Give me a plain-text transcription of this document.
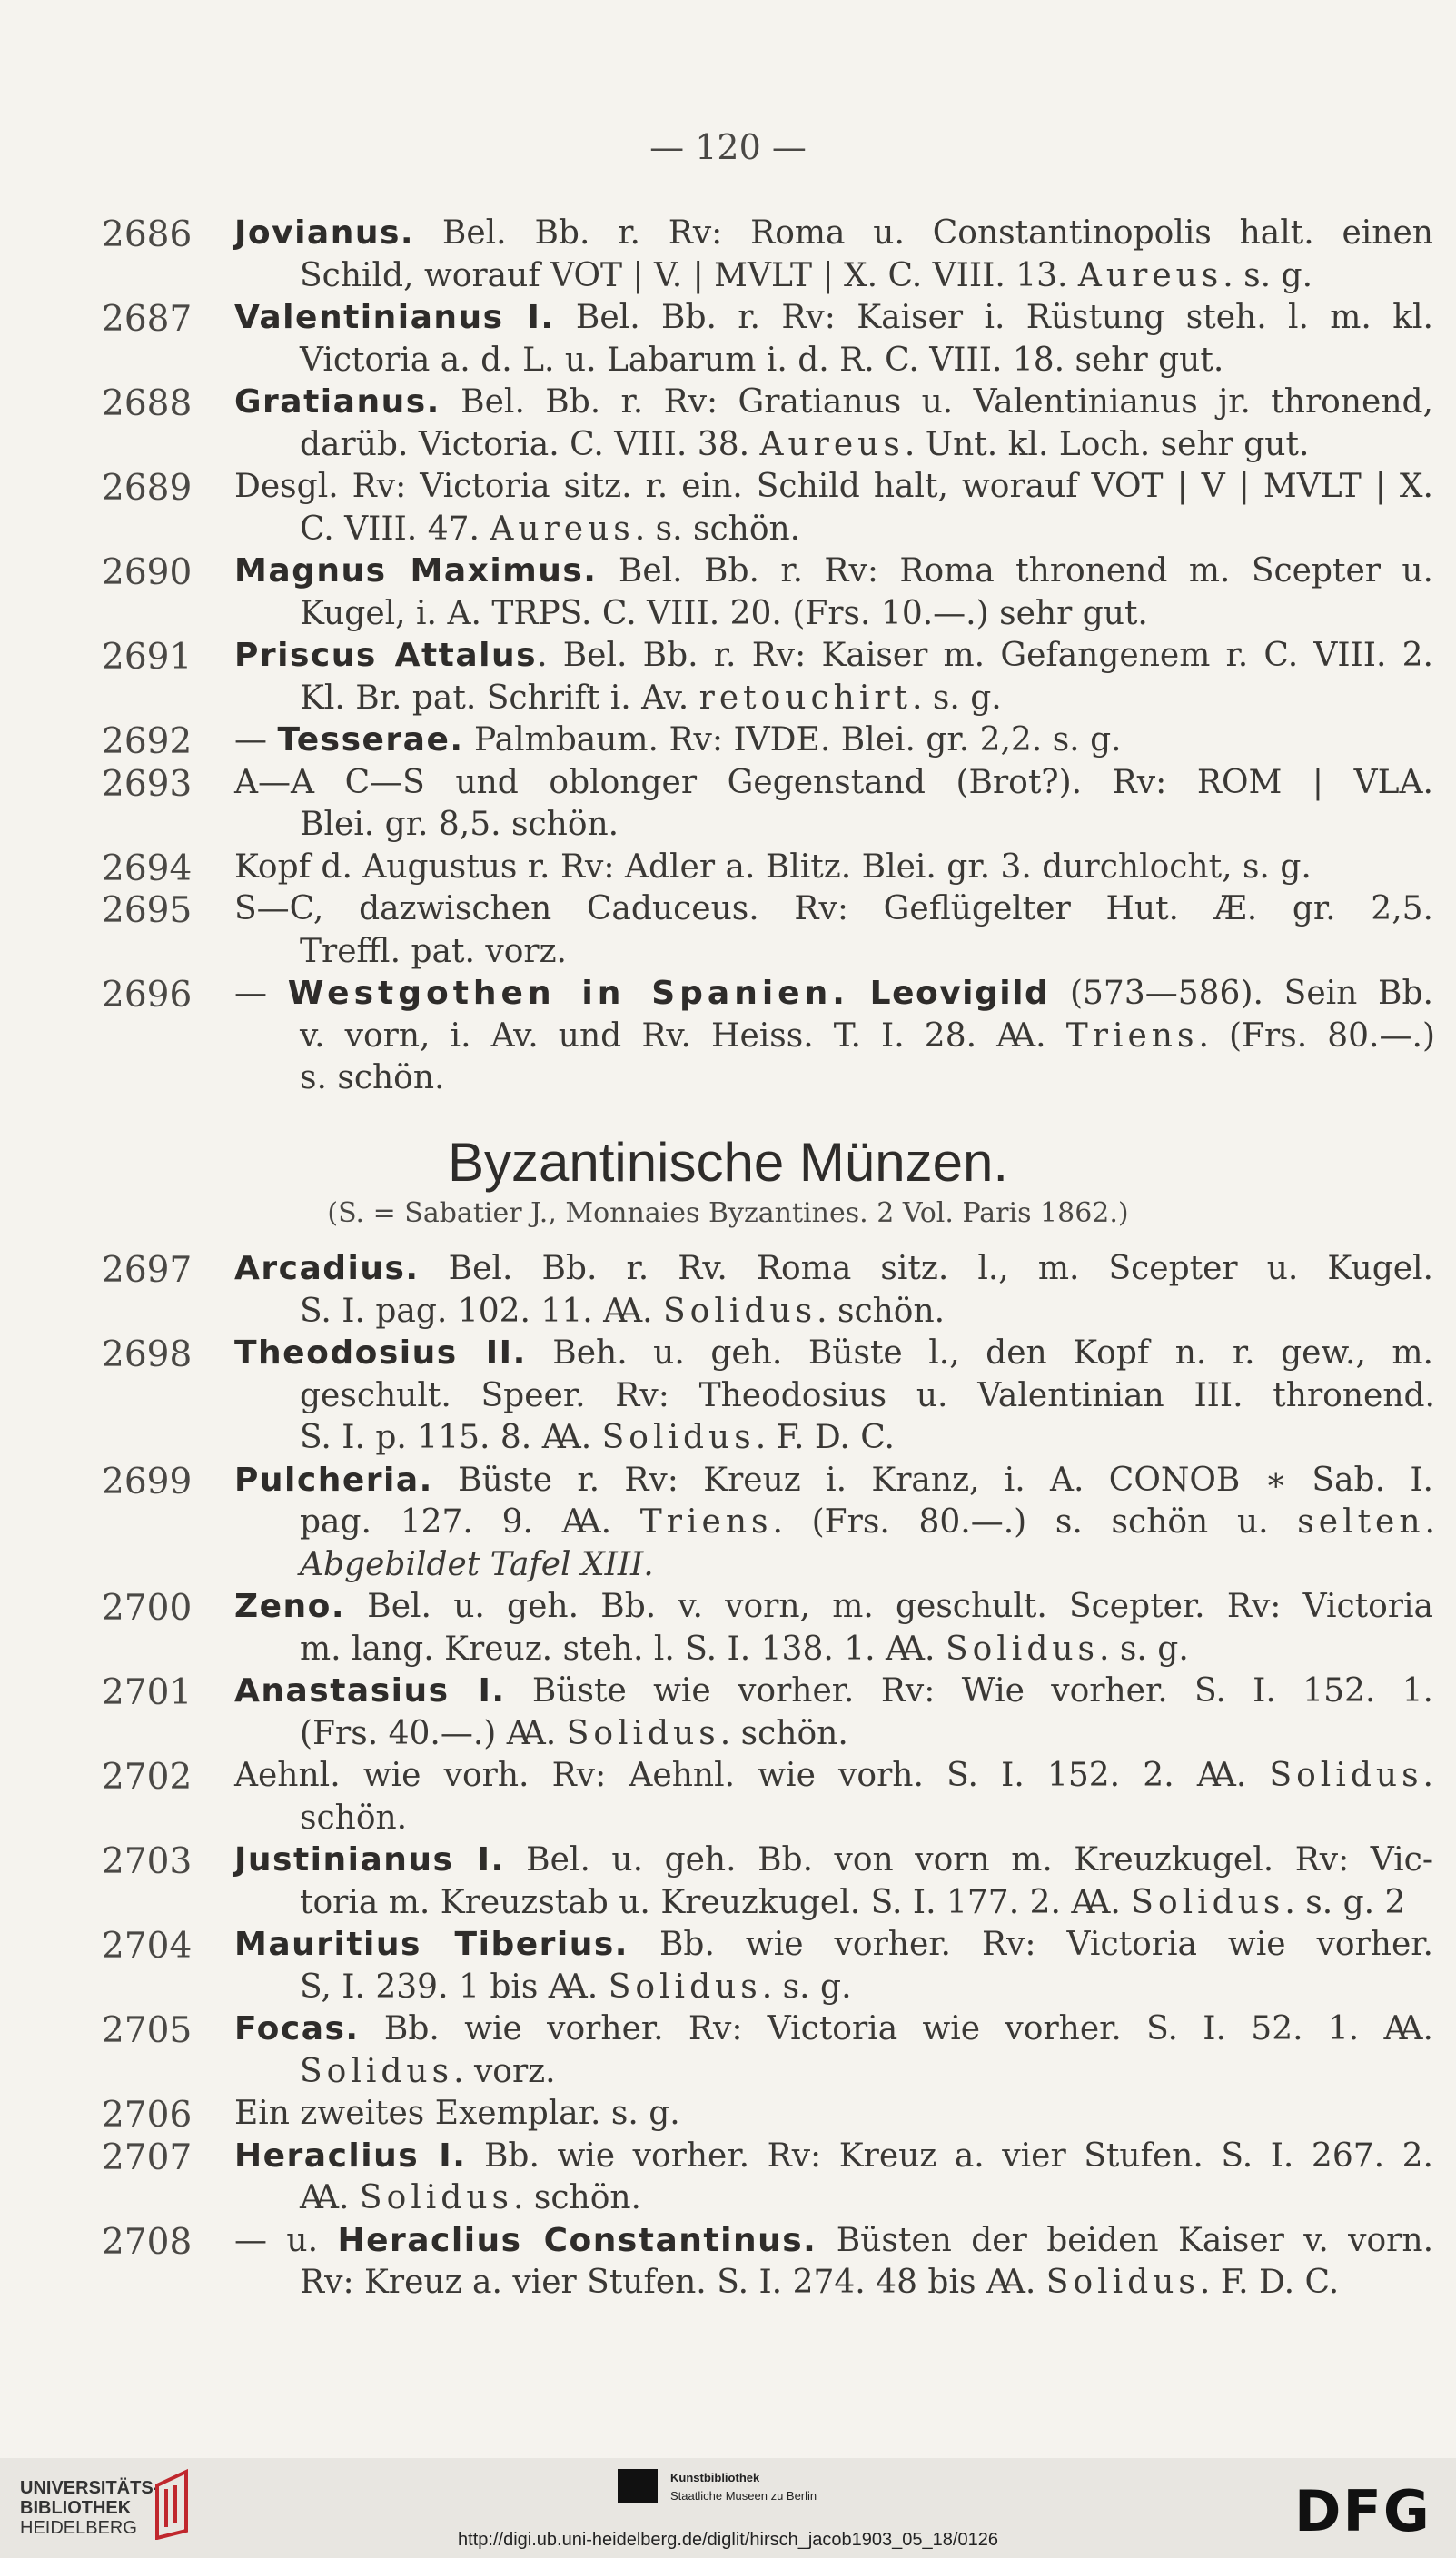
— 120 —
2686 Jovianus. Bel. Bb. r. Rv: Roma u. Constantinopolis halt. einen
Schild, worauf VOT | V. | MVLT | X. C. VIII. 13. Aureus. s. g.
2687 Valentinianus I. Bel. Bb. r. Rv: Kaiser i. Rüstung steh. l. m. kl.
Victoria a. d. L. u. Labarum i. d. R. C. VIII. 18. sehr gut.
2688 Gratianus. Bel. Bb. r. Rv: Gratianus u. Valentinianus jr. thronend,
darüb. Victoria. C. VIII. 38. Aureus. Unt. kl. Loch. sehr gut.
2689 Desgl. Rv: Victoria sitz. r. ein. Schild halt, worauf VOT | V | MVLT | X.
C. VIII. 47. Aureus. s. schön.
2690 Magnus Maximus. Bel. Bb. r. Rv: Roma thronend m. Scepter u.
Kugel, i. A. TRPS. C. VIII. 20. (Frs. 10.—.) sehr gut.
2691 Priscus Attalus. Bel. Bb. r. Rv: Kaiser m. Gefangenem r. C. VIII. 2.
Kl. Br. pat. Schrift i. Av. retouchirt. s. g.
2692 — Tesserae. Palmbaum. Rv: IVDE. Blei. gr. 2,2. s. g.
2693 A—A C—S und oblonger Gegenstand (Brot?). Rv: ROM | VLA.
Blei. gr. 8,5. schön.
2694 Kopf d. Augustus r. Rv: Adler a. Blitz. Blei. gr. 3. durchlocht, s. g.
2695 S—C, dazwischen Caduceus. Rv: Geflügelter Hut. Æ. gr. 2,5.
Treffl. pat. vorz.
2696 — Westgothen in Spanien. Leovigild (573—586). Sein Bb.
v. vorn, i. Av. und Rv. Heiss. T. I. 28. Ꜳ. Triens. (Frs. 80.—.)
s. schön.
Byzantinische Münzen.
(S. = Sabatier J., Monnaies Byzantines. 2 Vol. Paris 1862.)
2697 Arcadius. Bel. Bb. r. Rv. Roma sitz. l., m. Scepter u. Kugel.
S. I. pag. 102. 11. Ꜳ. Solidus. schön.
2698 Theodosius II. Beh. u. geh. Büste l., den Kopf n. r. gew., m.
geschult. Speer. Rv: Theodosius u. Valentinian III. thronend.
S. I. p. 115. 8. Ꜳ. Solidus. F. D. C.
2699 Pulcheria. Büste r. Rv: Kreuz i. Kranz, i. A. CONOB ∗ Sab. I.
pag. 127. 9. Ꜳ. Triens. (Frs. 80.—.) s. schön u. selten.
Abgebildet Tafel XIII.
2700 Zeno. Bel. u. geh. Bb. v. vorn, m. geschult. Scepter. Rv: Victoria
m. lang. Kreuz. steh. l. S. I. 138. 1. Ꜳ. Solidus. s. g.
2701 Anastasius I. Büste wie vorher. Rv: Wie vorher. S. I. 152. 1.
(Frs. 40.—.) Ꜳ. Solidus. schön.
2702 Aehnl. wie vorh. Rv: Aehnl. wie vorh. S. I. 152. 2. Ꜳ. Solidus.
schön.
2703 Justinianus I. Bel. u. geh. Bb. von vorn m. Kreuzkugel. Rv: Vic-
toria m. Kreuzstab u. Kreuzkugel. S. I. 177. 2. Ꜳ. Solidus. s. g. 2
2704 Mauritius Tiberius. Bb. wie vorher. Rv: Victoria wie vorher.
S, I. 239. 1 bis Ꜳ. Solidus. s. g.
2705 Focas. Bb. wie vorher. Rv: Victoria wie vorher. S. I. 52. 1. Ꜳ.
Solidus. vorz.
2706 Ein zweites Exemplar. s. g.
2707 Heraclius I. Bb. wie vorher. Rv: Kreuz a. vier Stufen. S. I. 267. 2.
Ꜳ. Solidus. schön.
2708 — u. Heraclius Constantinus. Büsten der beiden Kaiser v. vorn.
Rv: Kreuz a. vier Stufen. S. I. 274. 48 bis Ꜳ. Solidus. F. D. C.
UNIVERSITÄTS-
BIBLIOTHEK
HEIDELBERG
Kunstbibliothek
Staatliche Museen zu Berlin	DFG
http://digi.ub.uni-heidelberg.de/diglit/hirsch_jacob1903_05_18/0126
